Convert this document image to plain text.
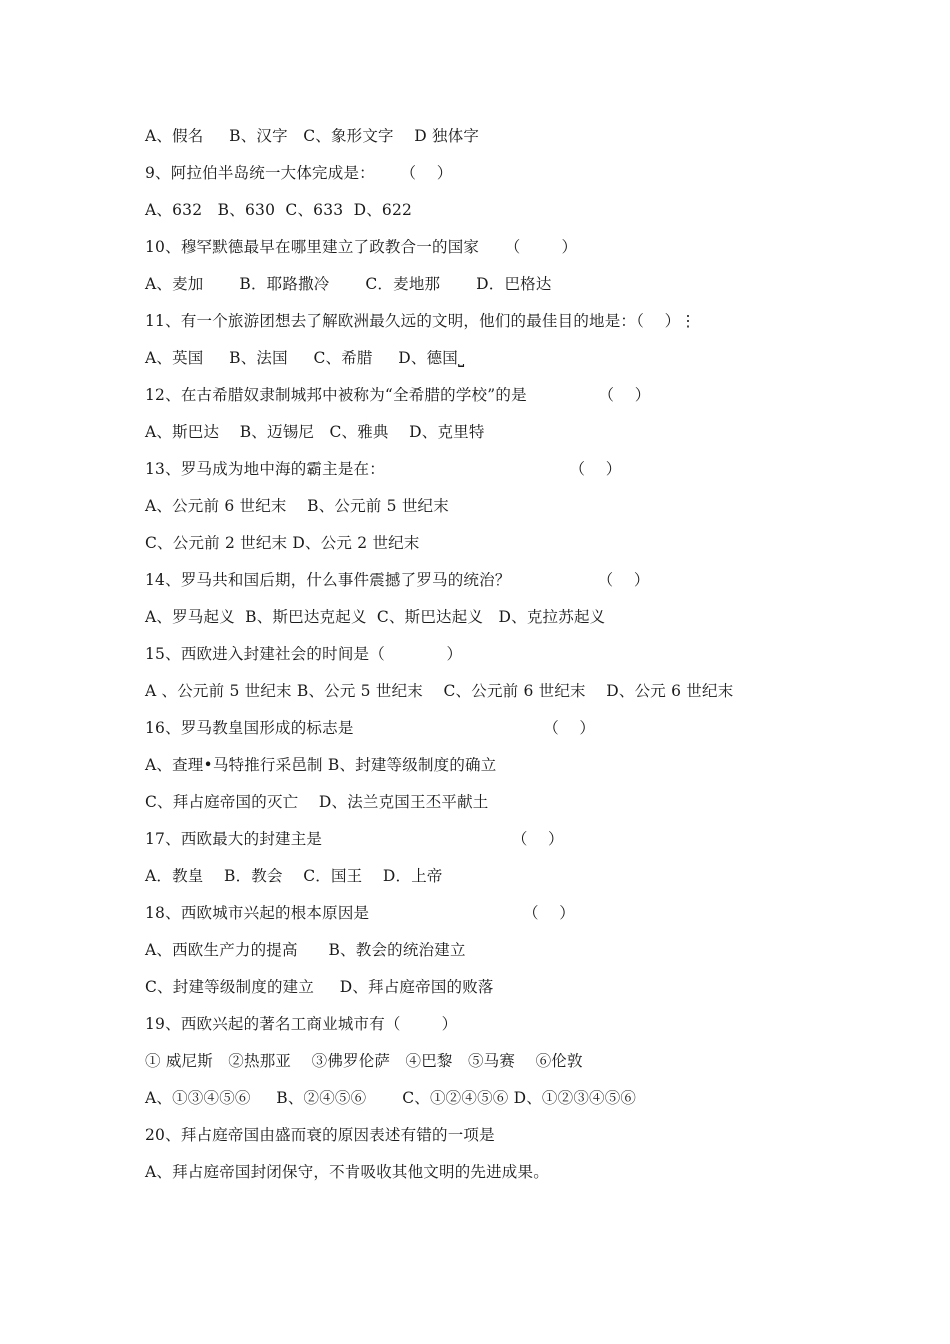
A、假名     B、汉字   C、象形文字    D 独体字
9、阿拉伯半岛统一大体完成是：     （    ）
A、632   B、630  C、633  D、622
10、穆罕默德最早在哪里建立了政教合一的国家     （        ）
A、麦加       B．耶路撒冷       C．麦地那       D．巴格达
11、有一个旅游团想去了解欧洲最久远的文明，他们的最佳目的地是：（    ）⋮
A、英国     B、法国     C、希腊     D、德国⎵
12、在古希腊奴隶制城邦中被称为“全希腊的学校”的是              （    ）
A、斯巴达    B、迈锡尼   C、雅典    D、克里特
13、罗马成为地中海的霸主是在：                                    （    ）
A、公元前 6 世纪末    B、公元前 5 世纪末
C、公元前 2 世纪末 D、公元 2 世纪末
14、罗马共和国后期，什么事件震撼了罗马的统治？                 （    ）
A、罗马起义  B、斯巴达克起义  C、斯巴达起义   D、克拉苏起义
15、西欧进入封建社会的时间是（            ）
A 、公元前 5 世纪末 B、公元 5 世纪末    C、公元前 6 世纪末    D、公元 6 世纪末
16、罗马教皇国形成的标志是                                     （    ）
A、查理•马特推行采邑制 B、封建等级制度的确立
C、拜占庭帝国的灭亡    D、法兰克国王丕平献土
17、西欧最大的封建主是                                     （    ）
A．教皇    B．教会    C．国王    D．上帝
18、西欧城市兴起的根本原因是                              （    ）
A、西欧生产力的提高      B、教会的统治建立
C、封建等级制度的建立     D、拜占庭帝国的败落
19、西欧兴起的著名工商业城市有（        ）
① 威尼斯   ②热那亚    ③佛罗伦萨   ④巴黎   ⑤马赛    ⑥伦敦
A、①③④⑤⑥     B、②④⑤⑥       C、①②④⑤⑥ D、①②③④⑤⑥
20、拜占庭帝国由盛而衰的原因表述有错的一项是
A、拜占庭帝国封闭保守，不肯吸收其他文明的先进成果。
